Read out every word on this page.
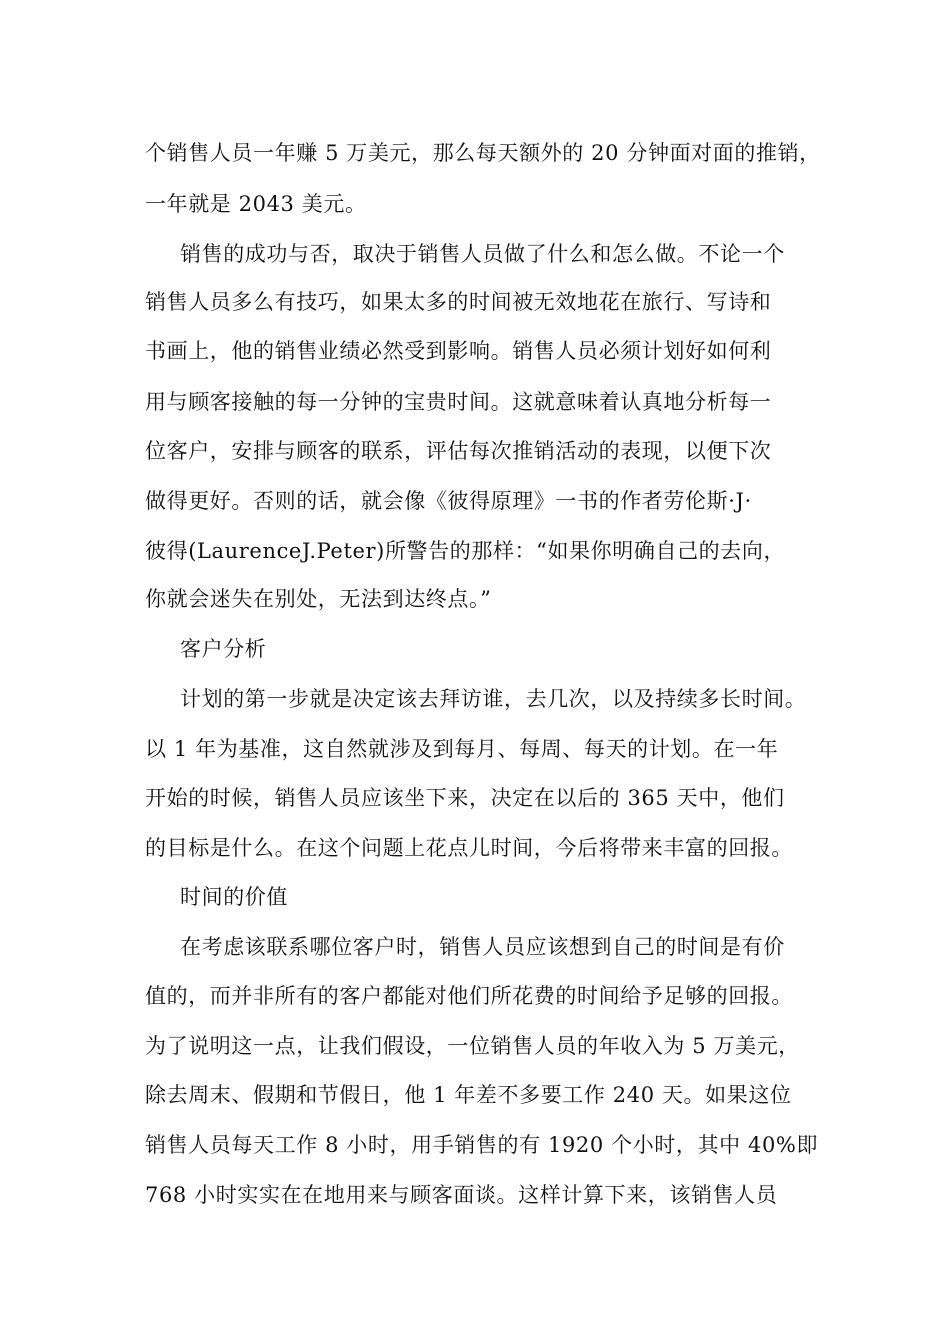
个销售人员一年赚 5 万美元，那么每天额外的 20 分钟面对面的推销，
一年就是 2043 美元。
销售的成功与否，取决于销售人员做了什么和怎么做。不论一个
销售人员多么有技巧，如果太多的时间被无效地花在旅行、写诗和
书画上，他的销售业绩必然受到影响。销售人员必须计划好如何利
用与顾客接触的每一分钟的宝贵时间。这就意味着认真地分析每一
位客户，安排与顾客的联系，评估每次推销活动的表现，以便下次
做得更好。否则的话，就会像《彼得原理》一书的作者劳伦斯·J·
彼得(LaurenceJ.Peter)所警告的那样：“如果你明确自己的去向，
你就会迷失在别处，无法到达终点。”
客户分析
计划的第一步就是决定该去拜访谁，去几次，以及持续多长时间。
以 1 年为基准，这自然就涉及到每月、每周、每天的计划。在一年
开始的时候，销售人员应该坐下来，决定在以后的 365 天中，他们
的目标是什么。在这个问题上花点儿时间，今后将带来丰富的回报。
时间的价值
在考虑该联系哪位客户时，销售人员应该想到自己的时间是有价
值的，而并非所有的客户都能对他们所花费的时间给予足够的回报。
为了说明这一点，让我们假设，一位销售人员的年收入为 5 万美元，
除去周末、假期和节假日，他 1 年差不多要工作 240 天。如果这位
销售人员每天工作 8 小时，用手销售的有 1920 个小时，其中 40%即
768 小时实实在在地用来与顾客面谈。这样计算下来，该销售人员
